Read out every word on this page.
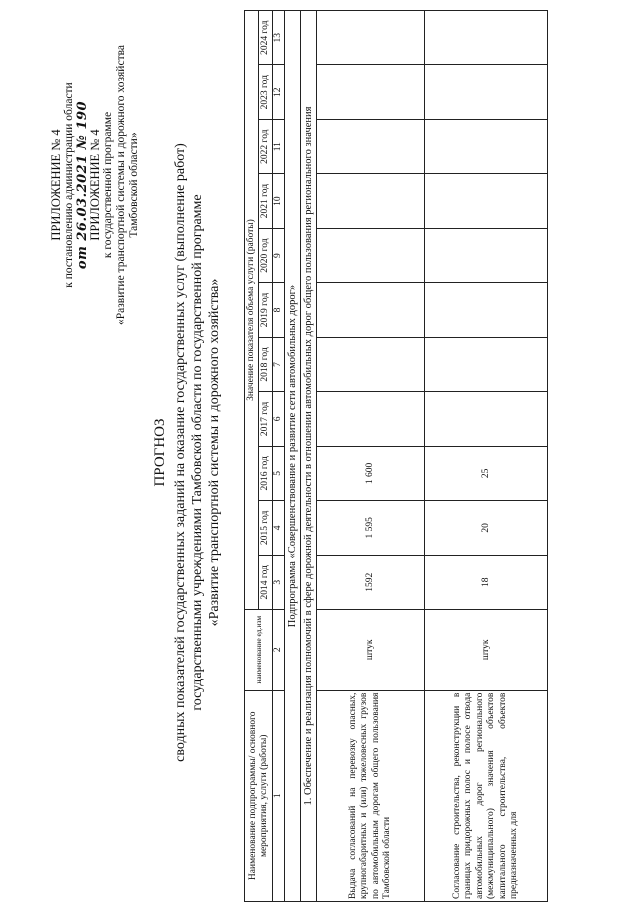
ПРИЛОЖЕНИЕ № 4 к постановлению администрации области от 26.03.2021 № 190
ПРИЛОЖЕНИЕ № 4 к государственной программе «Развитие транспортной системы и дорожного хозяйства Тамбовской области»
ПРОГНОЗ сводных показателей государственных заданий на оказание государственных услуг (выполнение работ) государственными учреждениями Тамбовской области по государственной программе «Развитие транспортной системы и дорожного хозяйства»
Наименование подпрограммы/ основного мероприятия, услуги (работы)	наименование ед.изм	Значение показателя объема услуги (работы)										
		2014 год	2015 год	2016 год	2017 год	2018 год	2019 год	2020 год	2021 год	2022 год	2023 год	2024 год
1	2	3	4	5	6	7	8	9	10	11	12	13
Подпрограмма «Совершенствование и развитие сети автомобильных дорог»												
1. Обеспечение и реализация полномочий в сфере дорожной деятельности в отношении автомобильных дорог общего пользования регионального значения												
Выдача согласований на перевозку опасных, крупногабаритных и (или) тяжеловесных грузов по автомобильным дорогам общего пользования Тамбовской области	штук	1592	1 595	1 600								
Согласование строительства, реконструкции в границах придорожных полос и полосе отвода автомобильных дорог регионального (межмуниципального) значения объектов капитального строительства, объектов предназначенных для	штук	18	20	25								
